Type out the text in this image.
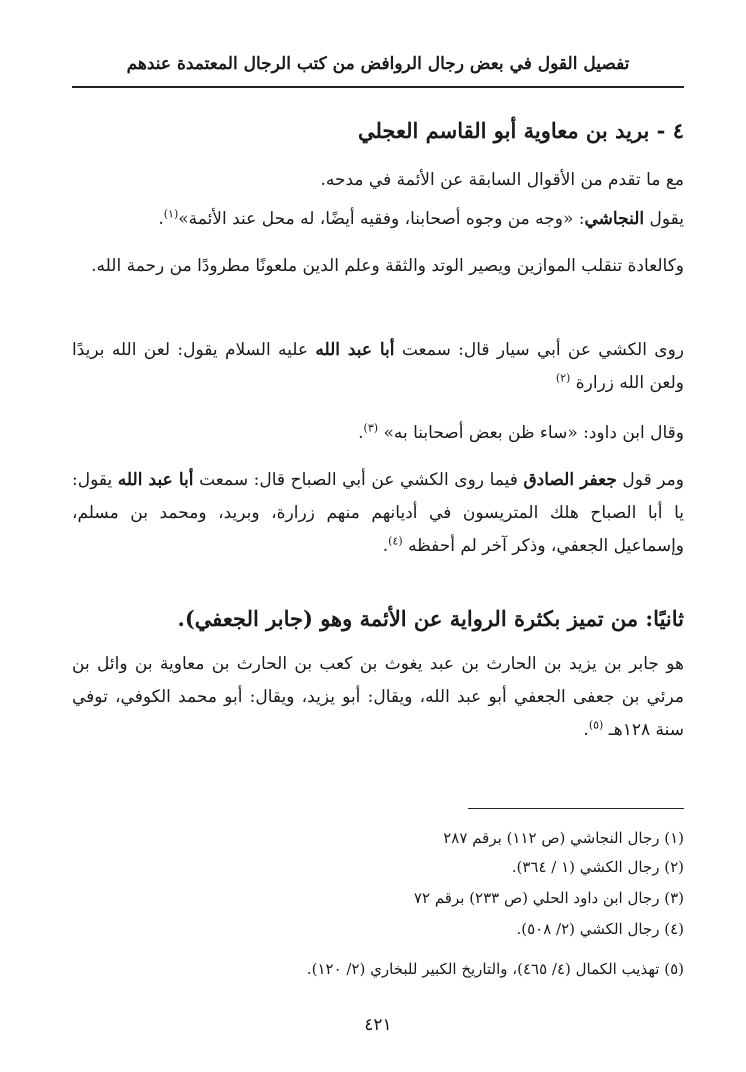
تفصيل القول في بعض رجال الروافض من كتب الرجال المعتمدة عندهم
٤ - بريد بن معاوية أبو القاسم العجلي
مع ما تقدم من الأقوال السابقة عن الأئمة في مدحه.
يقول النجاشي: «وجه من وجوه أصحابنا، وفقيه أيضًا، له محل عند الأئمة»$^{(١)}$.
وكالعادة تنقلب الموازين ويصير الوتد والثقة وعلم الدين ملعونًا مطرودًا من رحمة الله.
روى الكشي عن أبي سيار قال: سمعت أبا عبد الله عليه السلام يقول: لعن الله بريدًا ولعن الله زرارة $^{(٢)}$
وقال ابن داود: «ساء ظن بعض أصحابنا به» $^{(٣)}$.
ومر قول جعفر الصادق فيما روى الكشي عن أبي الصباح قال: سمعت أبا عبد الله يقول: يا أبا الصباح هلك المتريسون في أديانهم منهم زرارة، وبريد، ومحمد بن مسلم، وإسماعيل الجعفي، وذكر آخر لم أحفظه $^{(٤)}$.
ثانيًا: من تميز بكثرة الرواية عن الأئمة وهو (جابر الجعفي).
هو جابر بن يزيد بن الحارث بن عبد يغوث بن كعب بن الحارث بن معاوية بن وائل بن مرئي بن جعفى الجعفي أبو عبد الله، ويقال: أبو يزيد، ويقال: أبو محمد الكوفي، توفي سنة ١٢٨هـ $^{(٥)}$.
(١) رجال النجاشي (ص ١١٢) برقم ٢٨٧
(٢) رجال الكشي (١ / ٣٦٤).
(٣) رجال ابن داود الحلي (ص ٢٣٣) برقم ٧٢
(٤) رجال الكشي (٢/ ٥٠٨).
(٥) تهذيب الكمال (٤/ ٤٦٥)، والتاريخ الكبير للبخاري (٢/ ١٢٠).
٤٢١
